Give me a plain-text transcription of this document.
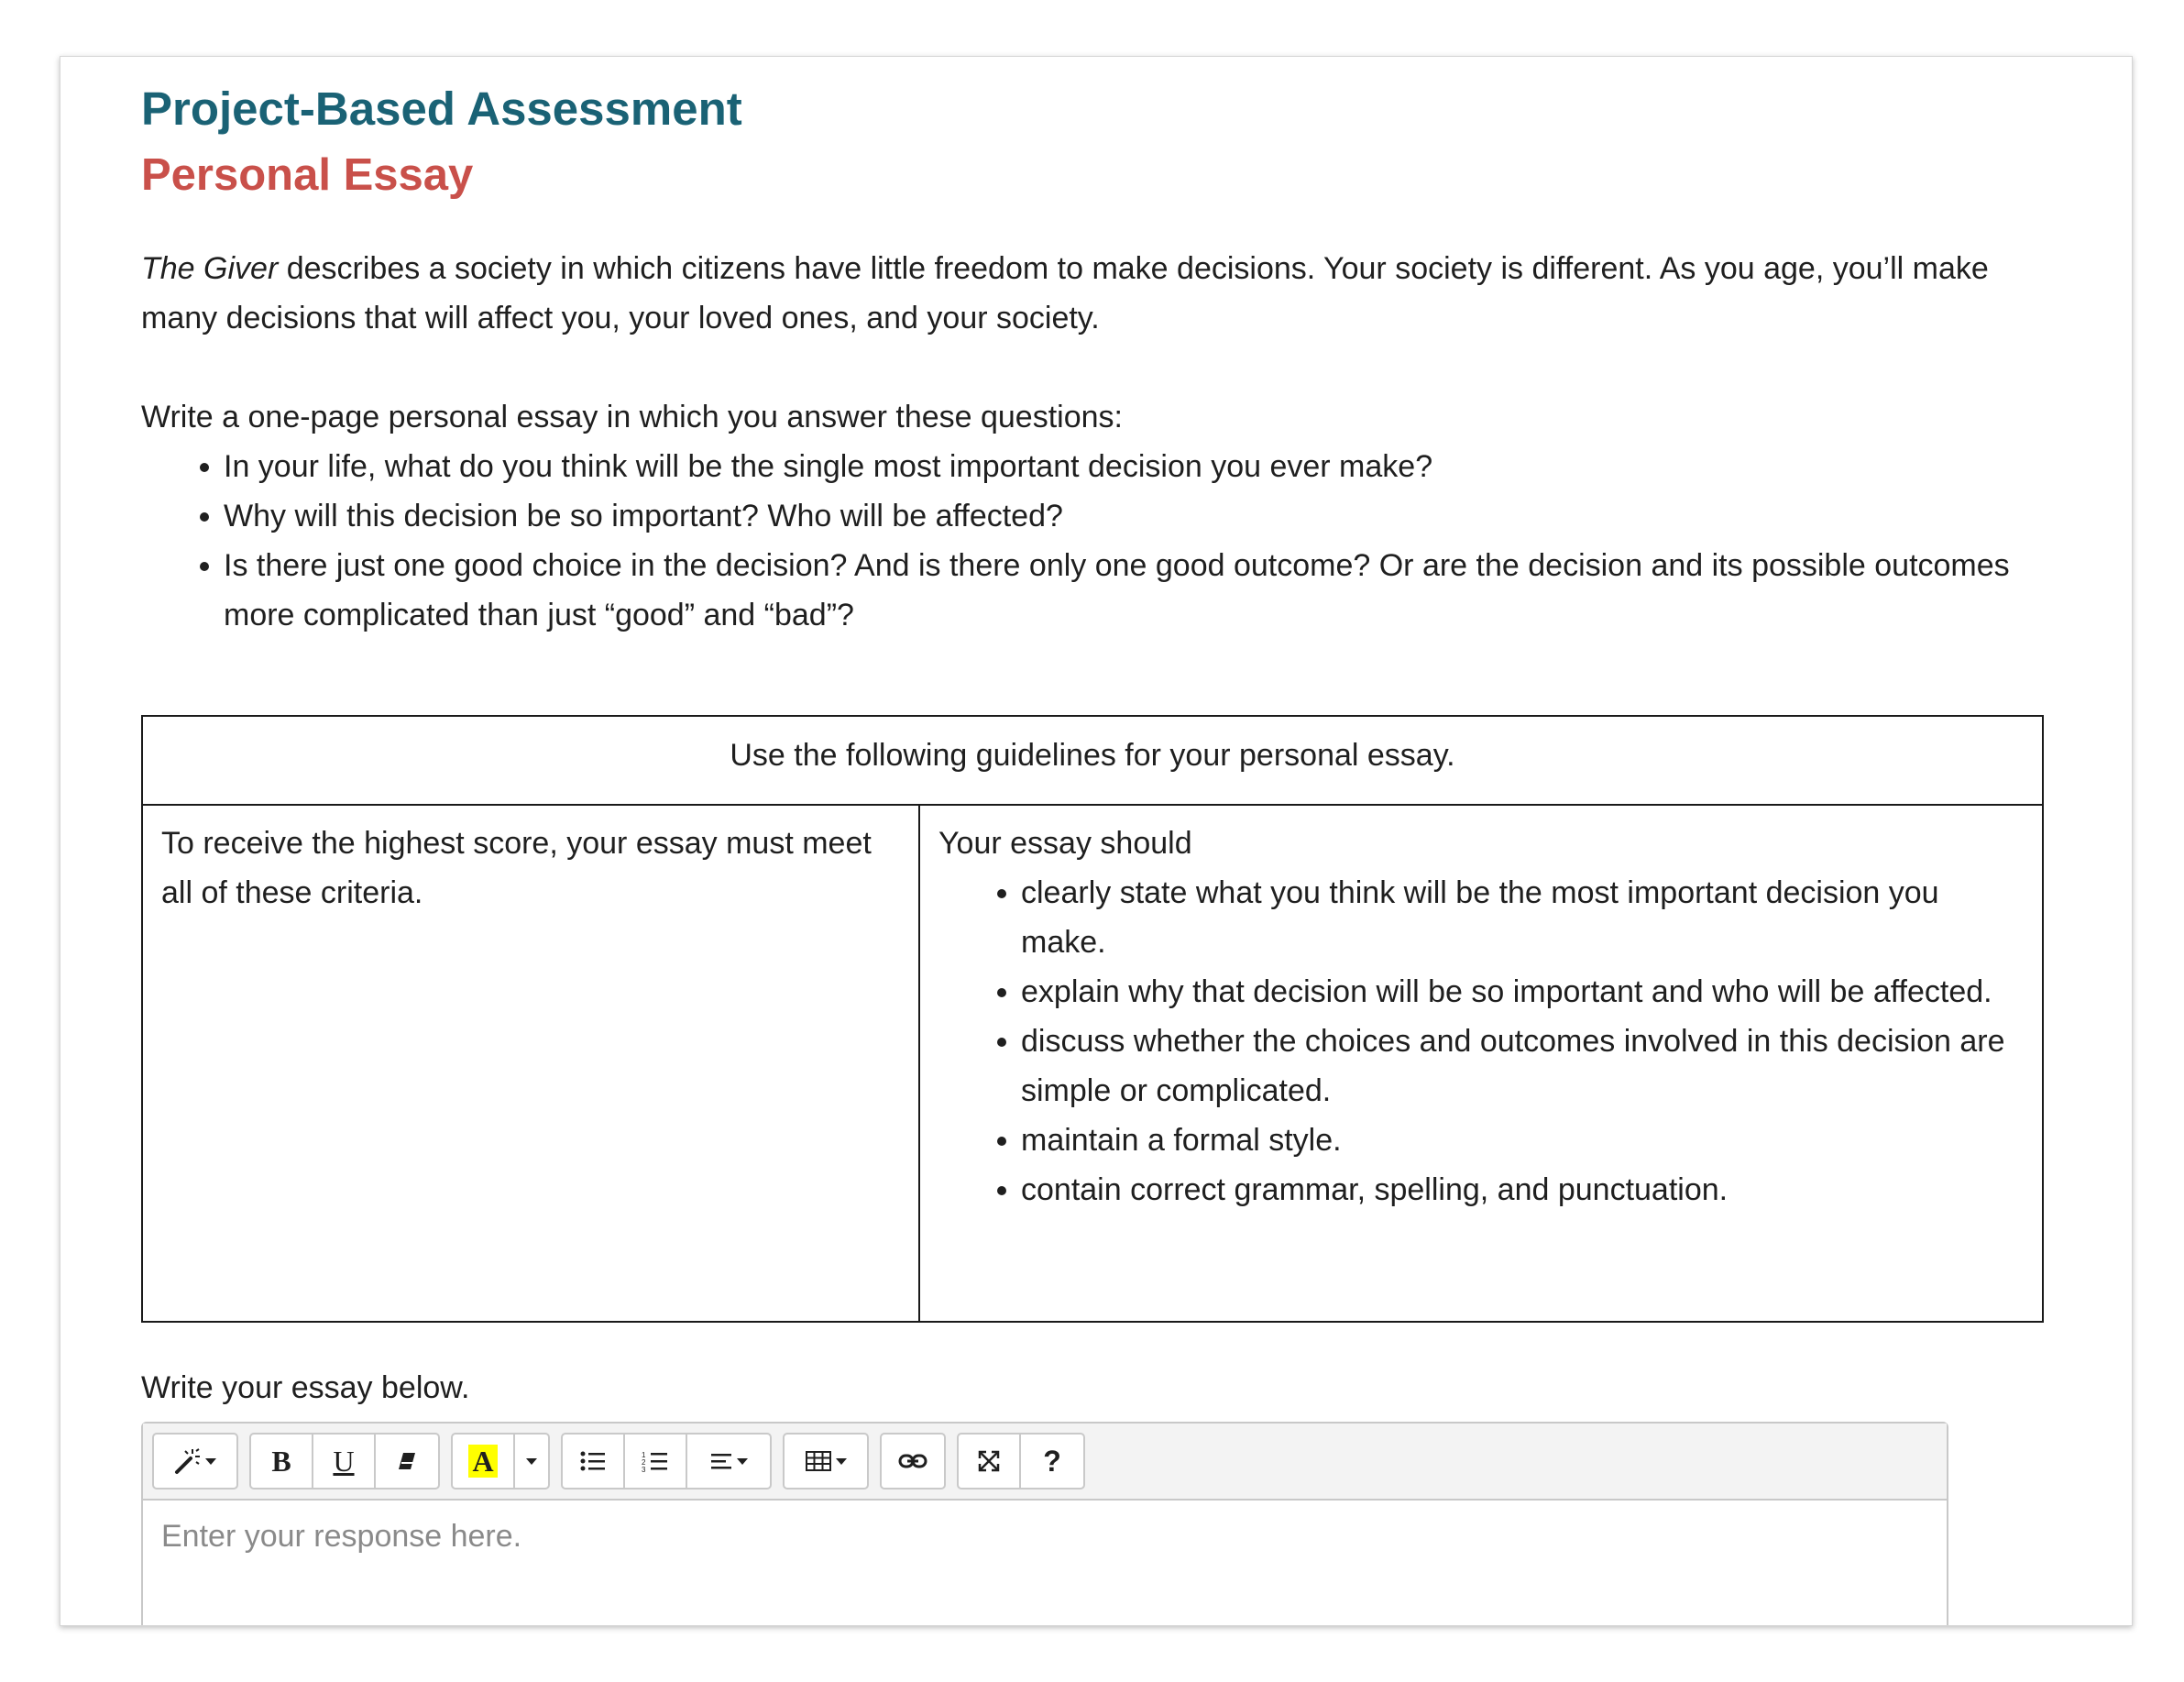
Project-Based Assessment
Personal Essay
The Giver describes a society in which citizens have little freedom to make decisions. Your society is different. As you age, you’ll make many decisions that will affect you, your loved ones, and your society.
Write a one-page personal essay in which you answer these questions:
In your life, what do you think will be the single most important decision you ever make?
Why will this decision be so important? Who will be affected?
Is there just one good choice in the decision? And is there only one good outcome? Or are the decision and its possible outcomes more complicated than just “good” and “bad”?
Use the following guidelines for your personal essay.
To receive the highest score, your essay must meet all of these criteria.	
Your essay should
clearly state what you think will be the most important decision you make.
explain why that decision will be so important and who will be affected.
discuss whether the choices and outcomes involved in this decision are simple or complicated.
maintain a formal style.
contain correct grammar, spelling, and punctuation.
Write your essay below.
B U	A	1
2
3	?
Enter your response here.
